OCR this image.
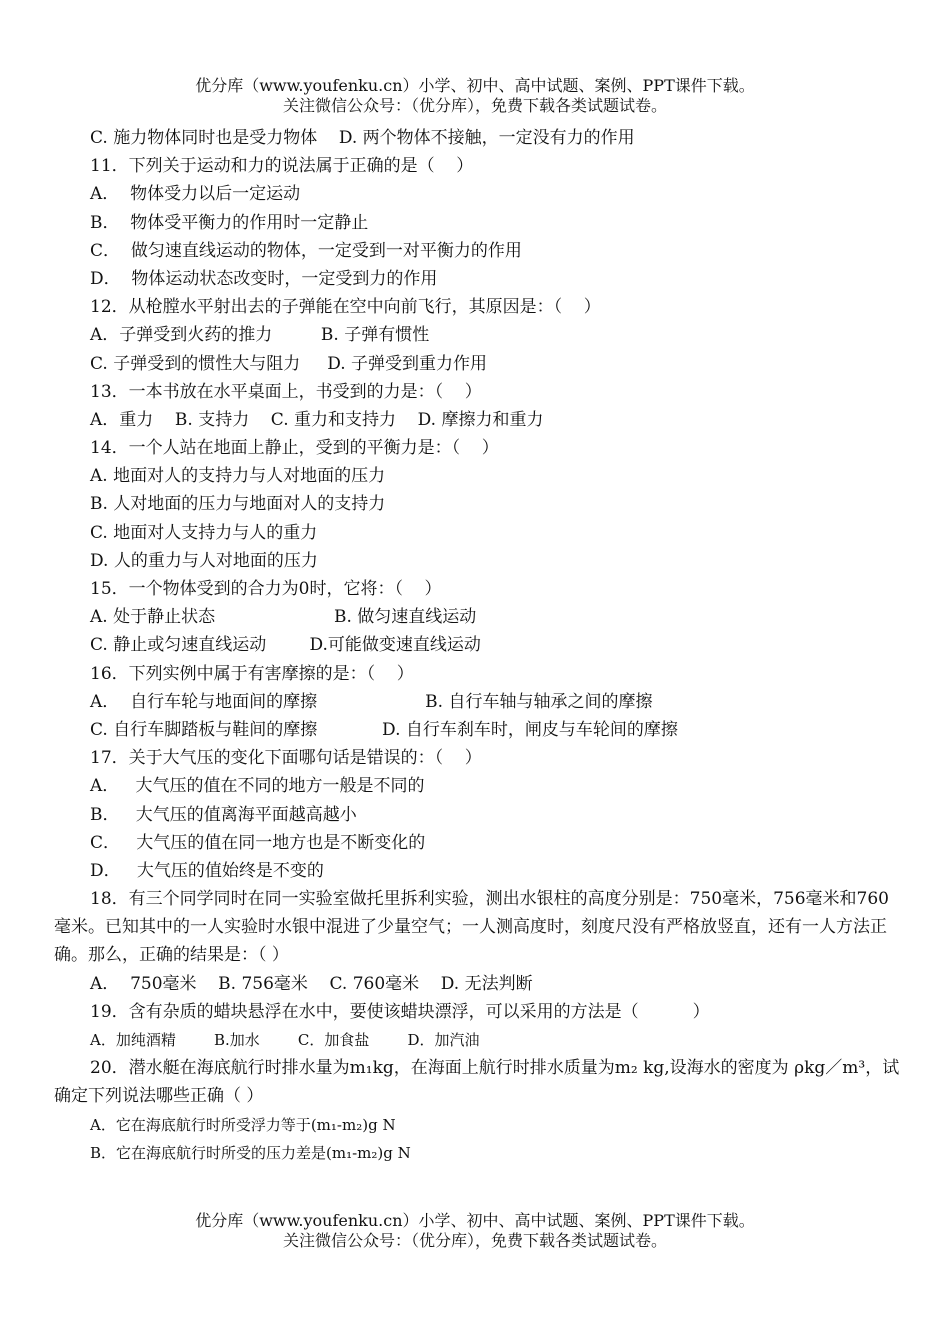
优分库（www.youfenku.cn）小学、初中、高中试题、案例、PPT课件下载。
关注微信公众号：（优分库），免费下载各类试题试卷。
C. 施力物体同时也是受力物体    D. 两个物体不接触，一定没有力的作用
11．下列关于运动和力的说法属于正确的是（    ）
A．  物体受力以后一定运动
B．  物体受平衡力的作用时一定静止
C．  做匀速直线运动的物体，一定受到一对平衡力的作用
D．  物体运动状态改变时，一定受到力的作用
12．从枪膛水平射出去的子弹能在空中向前飞行，其原因是：（    ）
A．子弹受到火药的推力         B. 子弹有惯性
C. 子弹受到的惯性大与阻力     D. 子弹受到重力作用
13．一本书放在水平桌面上，书受到的力是：（    ）
A．重力    B. 支持力    C. 重力和支持力    D. 摩擦力和重力
14．一个人站在地面上静止，受到的平衡力是：（    ）
A. 地面对人的支持力与人对地面的压力
B. 人对地面的压力与地面对人的支持力
C. 地面对人支持力与人的重力
D. 人的重力与人对地面的压力
15．一个物体受到的合力为0时，它将：（    ）
A. 处于静止状态                      B. 做匀速直线运动
C. 静止或匀速直线运动        D.可能做变速直线运动
16．下列实例中属于有害摩擦的是：（    ）
A．  自行车轮与地面间的摩擦                    B. 自行车轴与轴承之间的摩擦
C. 自行车脚踏板与鞋间的摩擦            D. 自行车刹车时，闸皮与车轮间的摩擦
17．关于大气压的变化下面哪句话是错误的：（    ）
A．   大气压的值在不同的地方一般是不同的
B．   大气压的值离海平面越高越小
C．   大气压的值在同一地方也是不断变化的
D．   大气压的值始终是不变的
18．有三个同学同时在同一实验室做托里拆利实验，测出水银柱的高度分别是：750毫米，756毫米和760毫米。已知其中的一人实验时水银中混进了少量空气；一人测高度时，刻度尺没有严格放竖直，还有一人方法正确。那么，正确的结果是：（ ）
A．  750毫米    B. 756毫米    C. 760毫米    D. 无法判断
19．含有杂质的蜡块悬浮在水中，要使该蜡块漂浮，可以采用的方法是（          ）
A．加纯酒精        B.加水        C．加食盐        D．加汽油
20．潜水艇在海底航行时排水量为m₁kg，在海面上航行时排水质量为m₂ kg,设海水的密度为 ρkg／m³，试确定下列说法哪些正确（ ）
A．它在海底航行时所受浮力等于(m₁-m₂)g N
B．它在海底航行时所受的压力差是(m₁-m₂)g N
优分库（www.youfenku.cn）小学、初中、高中试题、案例、PPT课件下载。
关注微信公众号：（优分库），免费下载各类试题试卷。
